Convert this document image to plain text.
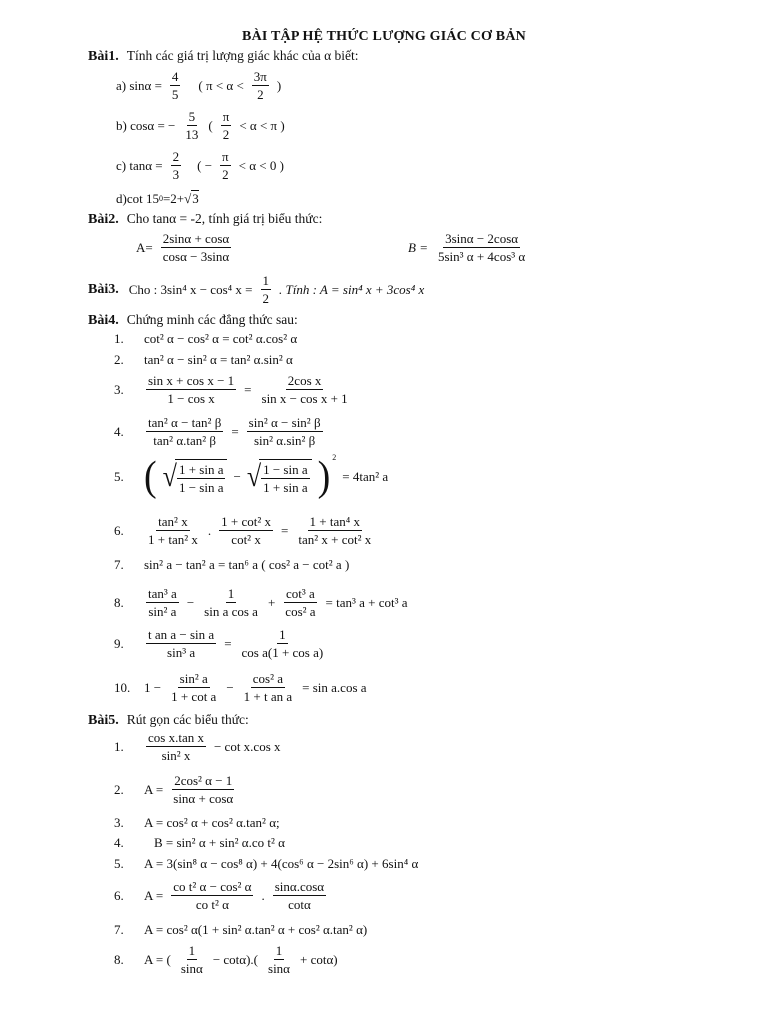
BÀI TẬP HỆ THỨC LƯỢNG GIÁC CƠ BẢN
Bài1. Tính các giá trị lượng giác khác của α biết:
a) $\sin\alpha = \frac{4}{5}$ ( $\pi < \alpha < \frac{3\pi}{2}$ )
b) cosα = − $\frac{5}{13}$ ( $\frac{\pi}{2} < \alpha < \pi$ )
c) $\tan\alpha = \frac{2}{3}$ ( − $\frac{\pi}{2} < \alpha < 0$ )
d)cot 15 0 =2+ √ 3
Bài2. Cho tanα = -2, tính giá trị biểu thức:
$A= \frac{2\sin\alpha + \cos\alpha}{\cos\alpha - 3\sin\alpha}$	$B = \frac{3\sin\alpha - 2\cos\alpha}{\text{5sin³ α + 4cos³ α}}$
Bài3. Cho : 3sin⁴ x − cos⁴ $x = \frac{1}{2}$ . Tính : A = sin⁴ x + 3cos⁴ x
Bài4. Chứng minh các đẳng thức sau:
1.	cot² α − cos² α = cot² α.cos² α
2.	tan² α − sin² α = tan² α.sin² α
3.	$\frac{\text{sin x + cos x − 1}}{\text{1 − cos x}} = \frac{\text{2cos x}}{\text{sin x − cos x + 1}}$
4.	$\frac{\text{tan² α − tan² β}}{\text{tan² α.tan² β}} = \frac{\text{sin² α − sin² β}}{\text{sin² α.sin² β}}$
5. ( √ $\frac{\text{1 + sin a}}{\text{1 − sin a}}$ − √ $\frac{\text{1 − sin a}}{\text{1 + sin a}}$ ) 2
= 4tan² a
6.	$\frac{\text{tan² x}}{\text{1 + tan² x}}$ . $\frac{\text{1 + cot² x}}{\text{cot² x}} = \frac{\text{1 + tan⁴ x}}{\text{tan² x + cot² x}}$
7.	sin² a − tan² a = tan⁶ a ( cos² a − cot² a )
8.	$\frac{\text{tan³ a}}{\text{sin² a}} - \frac{1}{\text{sin a cos a}} + \frac{\text{cot³ a}}{\text{cos² a}} = \tan^3$ a + cot³ a
9.	$\frac{\text{t an a − sin a}}{\text{sin³ a}} = \frac{1}{\text{cos a(1 + cos a)}}$
10.	$1 - \frac{\text{sin² a}}{\text{1 + cot a}} - \frac{\text{cos² a}}{\text{1 + t an a}} = \sin a.\cos$ a
Bài5. Rút gọn các biểu thức:
1.	$\frac{\text{cos x.tan x}}{\text{sin² x}} - \cot x.\cos$ x
2.	$A = \frac{\text{2cos² α − 1}}{\sin\alpha + \cos\alpha}$
3.	A = cos² α + cos² α.tan² α;
4.	B = sin² α + sin² α.co t² α
5.	A = 3(sin⁸ α − cos⁸ α) + 4(cos⁶ α − 2sin⁶ α) + 6sin⁴ α
6.	$A = \frac{\text{co t² α − cos² α}}{\text{co t² α}}$ . $\frac{\sin\alpha.\cos\alpha}{\cot\alpha}$
7.	A = cos² α(1 + sin² α.tan² α + cos² α.tan² α)
8.	A = ( $\frac{1}{\sin\alpha} - \cot\alpha).( \frac{1}{\sin\alpha} + \cot\alpha)$
